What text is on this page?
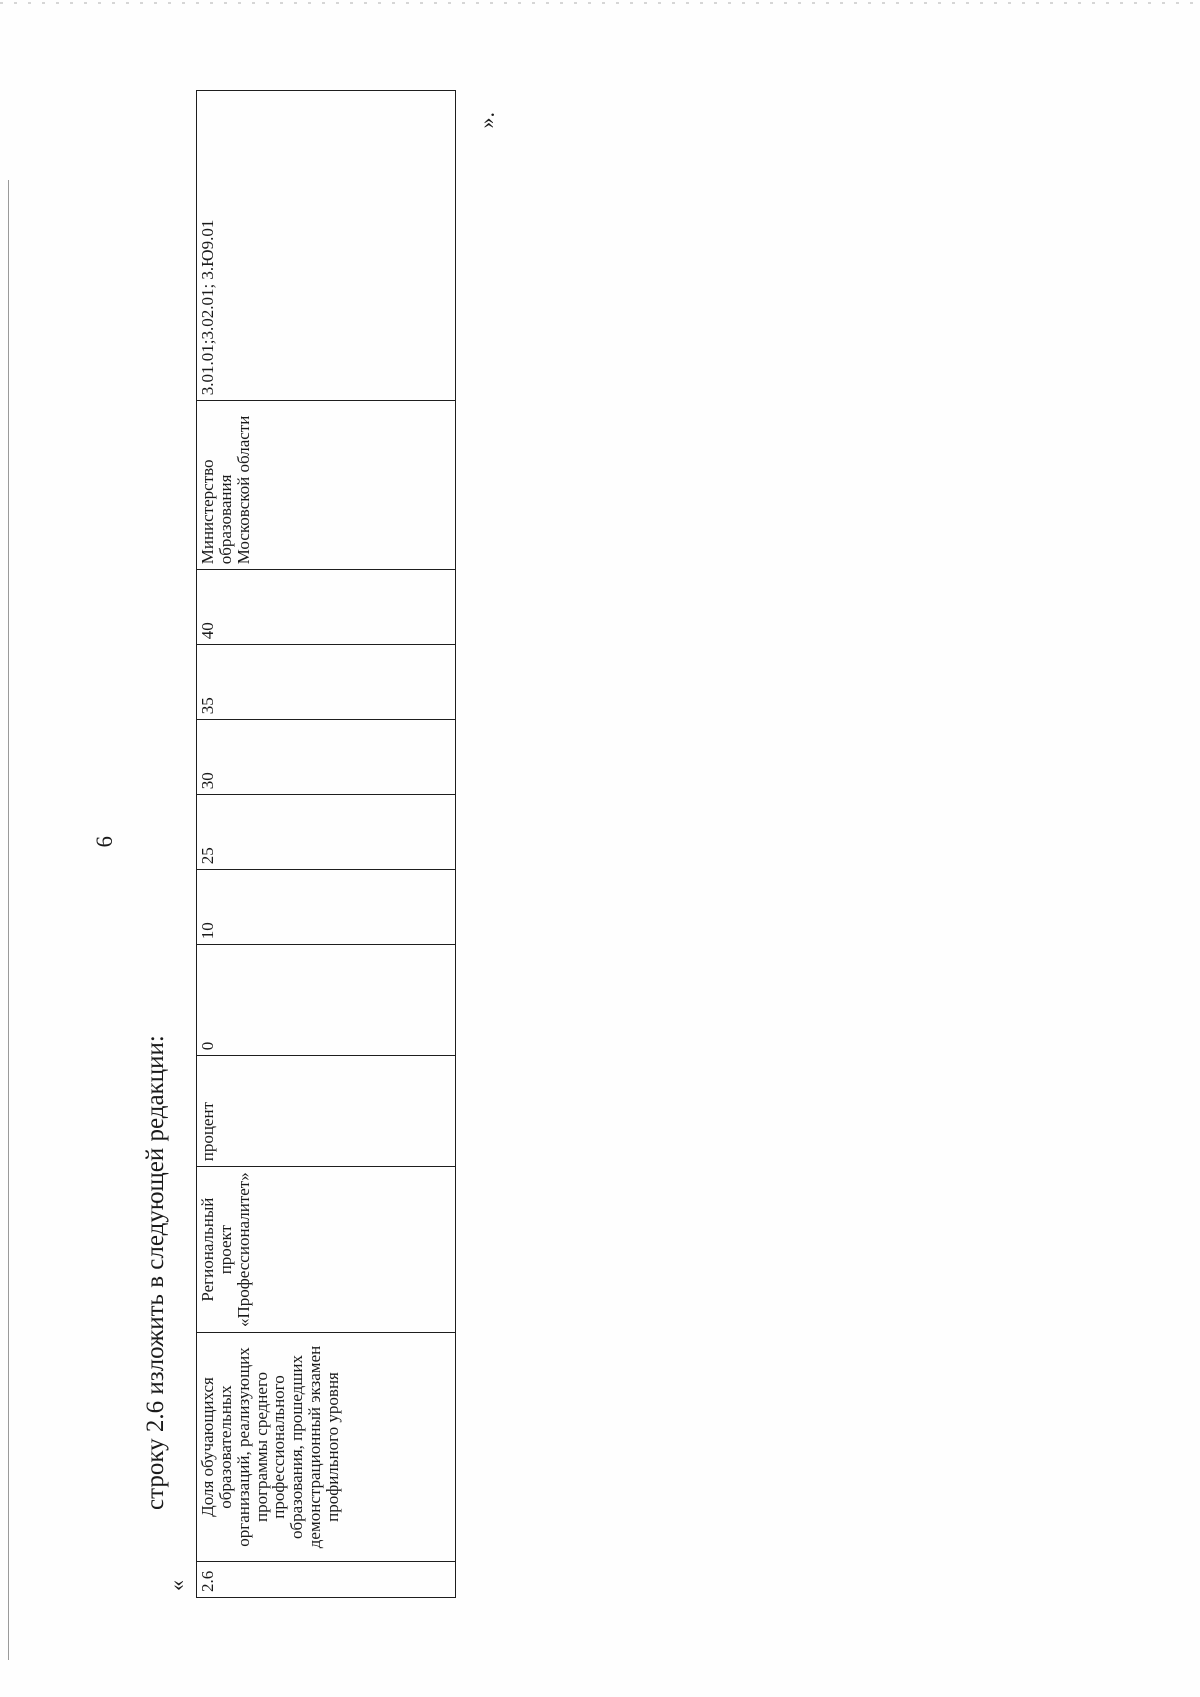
6
строку 2.6 изложить в следующей редакции:
« 2.6	Доля обучающихся образовательных организаций, реализующих программы среднего профессионального образования, прошедших демонстрационный экзамен профильного уровня	Региональный проект «Профессионалитет»	процент	0	10	25	30	35	40	Министерство образования Московской области	3.01.01;3.02.01; 3.Ю9.01
».
